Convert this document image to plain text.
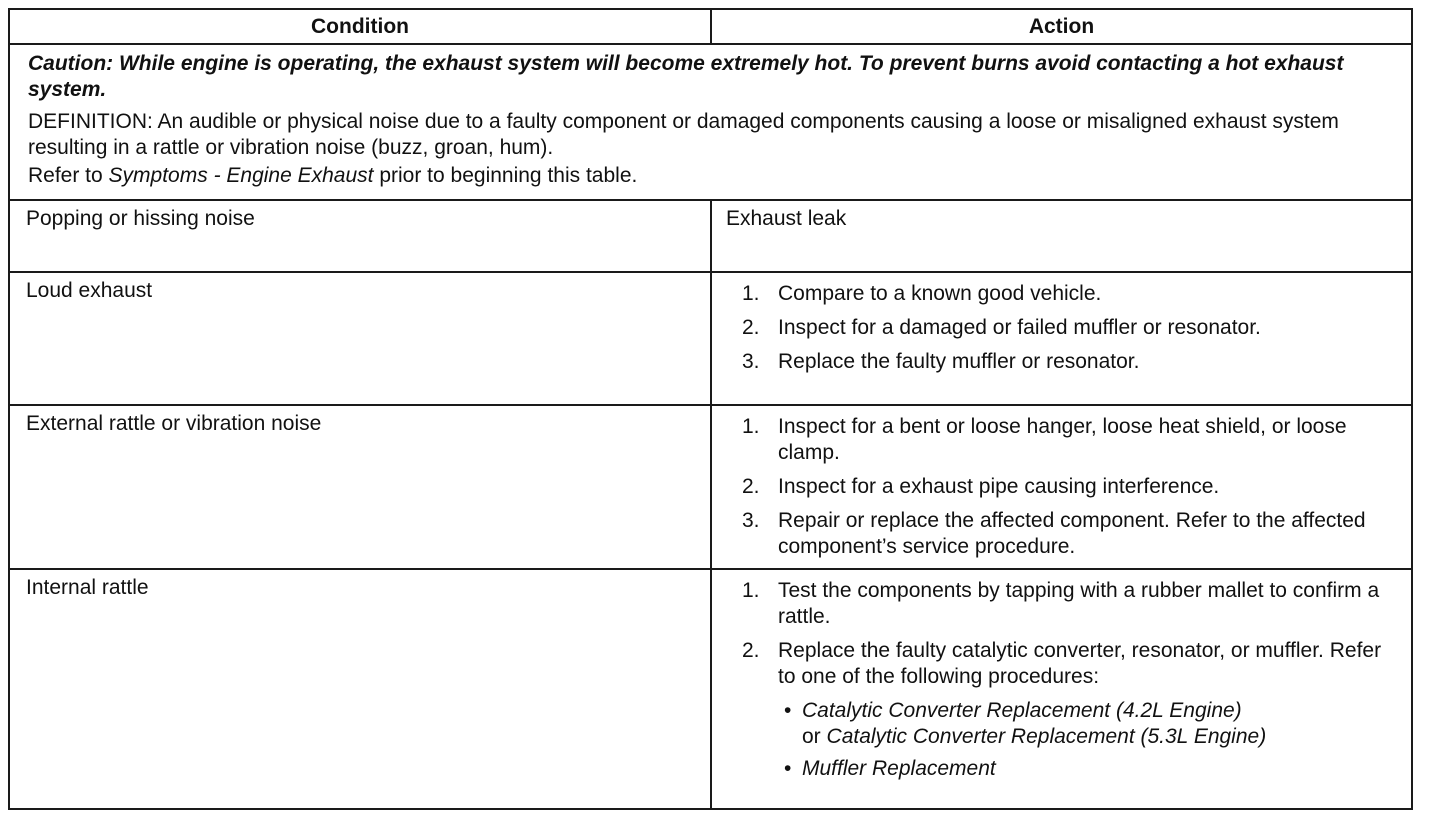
Condition	Action
Caution: While engine is operating, the exhaust system will become extremely hot. To prevent burns avoid contacting a hot exhaust system.
DEFINITION: An audible or physical noise due to a faulty component or damaged components causing a loose or misaligned exhaust system resulting in a rattle or vibration noise (buzz, groan, hum).
Refer to Symptoms - Engine Exhaust prior to beginning this table.
Popping or hissing noise	Exhaust leak
Loud exhaust	1. Compare to a known good vehicle.
2. Inspect for a damaged or failed muffler or resonator.
3. Replace the faulty muffler or resonator.
External rattle or vibration noise	1. Inspect for a bent or loose hanger, loose heat shield, or loose clamp.
2. Inspect for a exhaust pipe causing interference.
3. Repair or replace the affected component. Refer to the affected component’s service procedure.
Internal rattle	1. Test the components by tapping with a rubber mallet to confirm a rattle.
2. Replace the faulty catalytic converter, resonator, or muffler. Refer to one of the following procedures:
• Catalytic Converter Replacement (4.2L Engine)
or Catalytic Converter Replacement (5.3L Engine)
• Muffler Replacement
